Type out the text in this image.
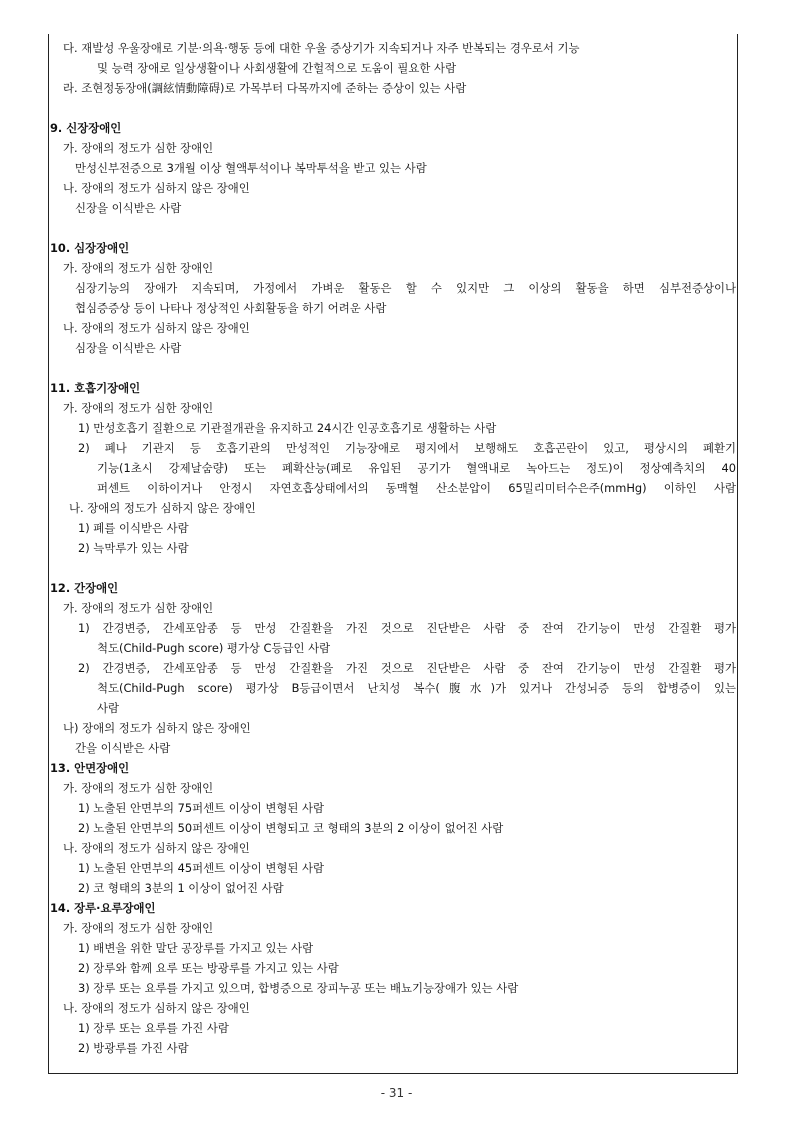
다. 재발성 우울장애로 기분·의욕·행동 등에 대한 우울 증상기가 지속되거나 자주 반복되는 경우로서 기능
및 능력 장애로 일상생활이나 사회생활에 간헐적으로 도움이 필요한 사람
라. 조현정동장애(調絃情動障碍)로 가목부터 다목까지에 준하는 증상이 있는 사람
9. 신장장애인
가. 장애의 정도가 심한 장애인
만성신부전증으로 3개월 이상 혈액투석이나 복막투석을 받고 있는 사람
나. 장애의 정도가 심하지 않은 장애인
신장을 이식받은 사람
10. 심장장애인
가. 장애의 정도가 심한 장애인
심장기능의 장애가 지속되며, 가정에서 가벼운 활동은 할 수 있지만 그 이상의 활동을 하면 심부전증상이나
협심증증상 등이 나타나 정상적인 사회활동을 하기 어려운 사람
나. 장애의 정도가 심하지 않은 장애인
심장을 이식받은 사람
11. 호흡기장애인
가. 장애의 정도가 심한 장애인
1) 만성호흡기 질환으로 기관절개관을 유지하고 24시간 인공호흡기로 생활하는 사람
2) 폐나 기관지 등 호흡기관의 만성적인 기능장애로 평지에서 보행해도 호흡곤란이 있고, 평상시의 폐환기
기능(1초시 강제날숨량) 또는 폐확산능(폐로 유입된 공기가 혈액내로 녹아드는 정도)이 정상예측치의 40
퍼센트 이하이거나 안정시 자연호흡상태에서의 동맥혈 산소분압이 65밀리미터수은주(mmHg) 이하인 사람
나. 장애의 정도가 심하지 않은 장애인
1) 폐를 이식받은 사람
2) 늑막루가 있는 사람
12. 간장애인
가. 장애의 정도가 심한 장애인
1) 간경변증, 간세포암종 등 만성 간질환을 가진 것으로 진단받은 사람 중 잔여 간기능이 만성 간질환 평가
척도(Child-Pugh score) 평가상 C등급인 사람
2) 간경변증, 간세포암종 등 만성 간질환을 가진 것으로 진단받은 사람 중 잔여 간기능이 만성 간질환 평가
척도(Child-Pugh score) 평가상 B등급이면서 난치성 복수(腹水)가 있거나 간성뇌증 등의 합병증이 있는
사람
나) 장애의 정도가 심하지 않은 장애인
간을 이식받은 사람
13. 안면장애인
가. 장애의 정도가 심한 장애인
1) 노출된 안면부의 75퍼센트 이상이 변형된 사람
2) 노출된 안면부의 50퍼센트 이상이 변형되고 코 형태의 3분의 2 이상이 없어진 사람
나. 장애의 정도가 심하지 않은 장애인
1) 노출된 안면부의 45퍼센트 이상이 변형된 사람
2) 코 형태의 3분의 1 이상이 없어진 사람
14. 장루·요루장애인
가. 장애의 정도가 심한 장애인
1) 배변을 위한 말단 공장루를 가지고 있는 사람
2) 장루와 함께 요루 또는 방광루를 가지고 있는 사람
3) 장루 또는 요루를 가지고 있으며, 합병증으로 장피누공 또는 배뇨기능장애가 있는 사람
나. 장애의 정도가 심하지 않은 장애인
1) 장루 또는 요루를 가진 사람
2) 방광루를 가진 사람
- 31 -
